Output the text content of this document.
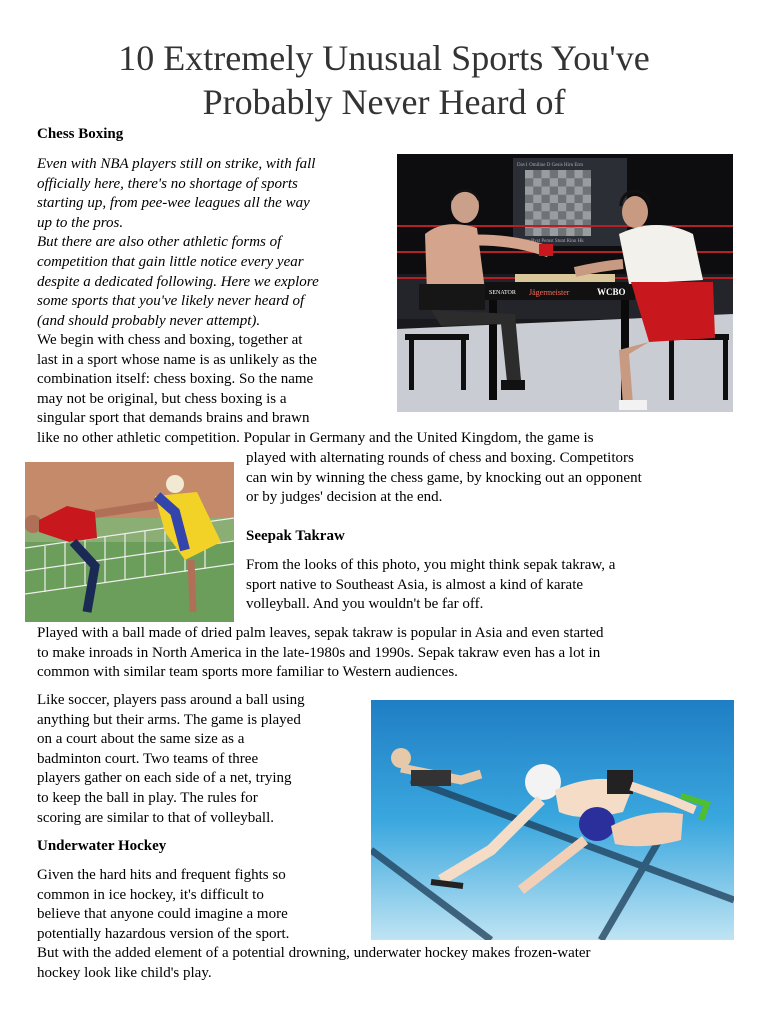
10 Extremely Unusual Sports You've
Probably Never Heard of
Chess Boxing
Even with NBA players still on strike, with fall
officially here, there's no shortage of sports
starting up, from pee-wee leagues all the way
up to the pros.
But there are also other athletic forms of
competition that gain little notice every year
despite a dedicated following. Here we explore
some sports that you've likely never heard of
(and should probably never attempt).
We begin with chess and boxing, together at
last in a sport whose name is as unlikely as the
combination itself: chess boxing. So the name
may not be original, but chess boxing is a
singular sport that demands brains and brawn
like no other athletic competition. Popular in Germany and the United Kingdom, the game is
played with alternating rounds of chess and boxing. Competitors
can win by winning the chess game, by knocking out an opponent
or by judges' decision at the end.
Dav1 Omiline D Gesis Hirn Erm
r Patrs Ryst Pemst Stunt Rinn Hk
SENATOR Jägermeister	WCBO
Seepak Takraw
From the looks of this photo, you might think sepak takraw, a
sport native to Southeast Asia, is almost a kind of karate
volleyball. And you wouldn't be far off.
Played with a ball made of dried palm leaves, sepak takraw is popular in Asia and even started
to make inroads in North America in the late-1980s and 1990s. Sepak takraw even has a lot in
common with similar team sports more familiar to Western audiences.
Like soccer, players pass around a ball using
anything but their arms. The game is played
on a court about the same size as a
badminton court. Two teams of three
players gather on each side of a net, trying
to keep the ball in play. The rules for
scoring are similar to that of volleyball.
Underwater Hockey
Given the hard hits and frequent fights so
common in ice hockey, it's difficult to
believe that anyone could imagine a more
potentially hazardous version of the sport.
But with the added element of a potential drowning, underwater hockey makes frozen-water
hockey look like child's play.
